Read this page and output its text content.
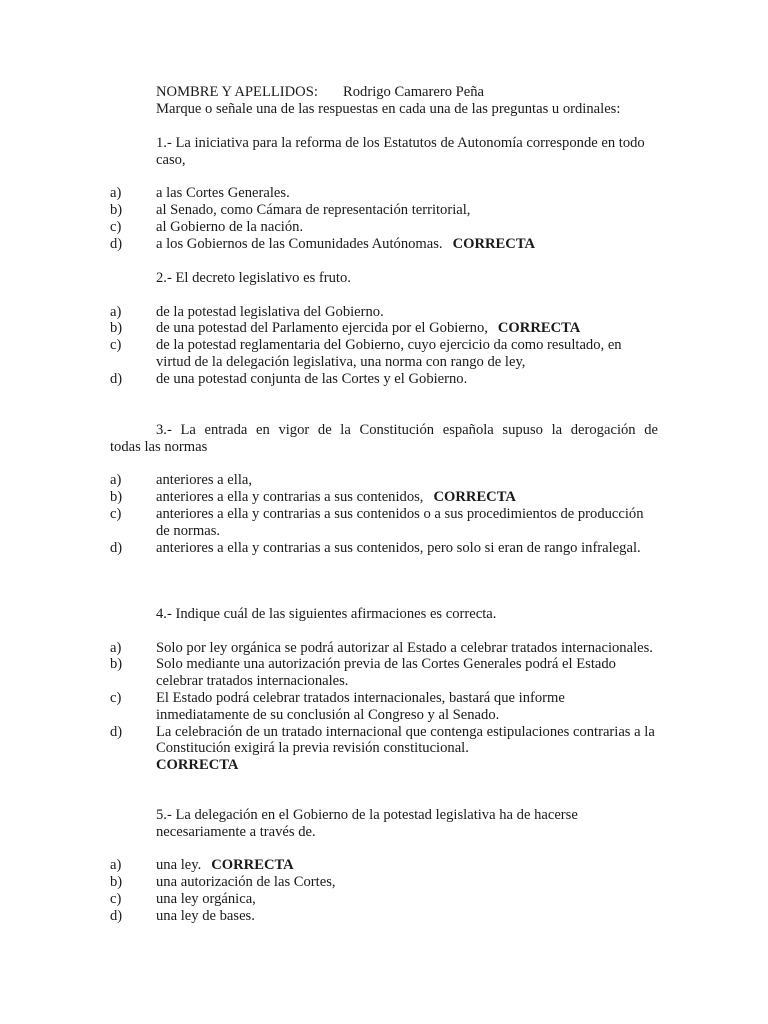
NOMBRE Y APELLIDOS: Rodrigo Camarero Peña
Marque o señale una de las respuestas en cada una de las preguntas u ordinales:

1.- La iniciativa para la reforma de los Estatutos de Autonomía corresponde en todo caso,

a) a las Cortes Generales.
b) al Senado, como Cámara de representación territorial,
c) al Gobierno de la nación.
d) a los Gobiernos de las Comunidades Autónomas. CORRECTA

2.- El decreto legislativo es fruto.

a) de la potestad legislativa del Gobierno.
b) de una potestad del Parlamento ejercida por el Gobierno, CORRECTA
c) de la potestad reglamentaria del Gobierno, cuyo ejercicio da como resultado, en virtud de la delegación legislativa, una norma con rango de ley,
d) de una potestad conjunta de las Cortes y el Gobierno.

3.- La entrada en vigor de la Constitución española supuso la derogación de

todas las normas

a) anteriores a ella,
b) anteriores a ella y contrarias a sus contenidos, CORRECTA
c) anteriores a ella y contrarias a sus contenidos o a sus procedimientos de producción de normas.
d) anteriores a ella y contrarias a sus contenidos, pero solo si eran de rango infralegal.

4.- Indique cuál de las siguientes afirmaciones es correcta.

a) Solo por ley orgánica se podrá autorizar al Estado a celebrar tratados internacionales.
b) Solo mediante una autorización previa de las Cortes Generales podrá el Estado celebrar tratados internacionales.
c) El Estado podrá celebrar tratados internacionales, bastará que informe inmediatamente de su conclusión al Congreso y al Senado.
d) La celebración de un tratado internacional que contenga estipulaciones contrarias a la Constitución exigirá la previa revisión constitucional.
CORRECTA

5.- La delegación en el Gobierno de la potestad legislativa ha de hacerse necesariamente a través de.

a) una ley. CORRECTA
b) una autorización de las Cortes,
c) una ley orgánica,
d) una ley de bases.
